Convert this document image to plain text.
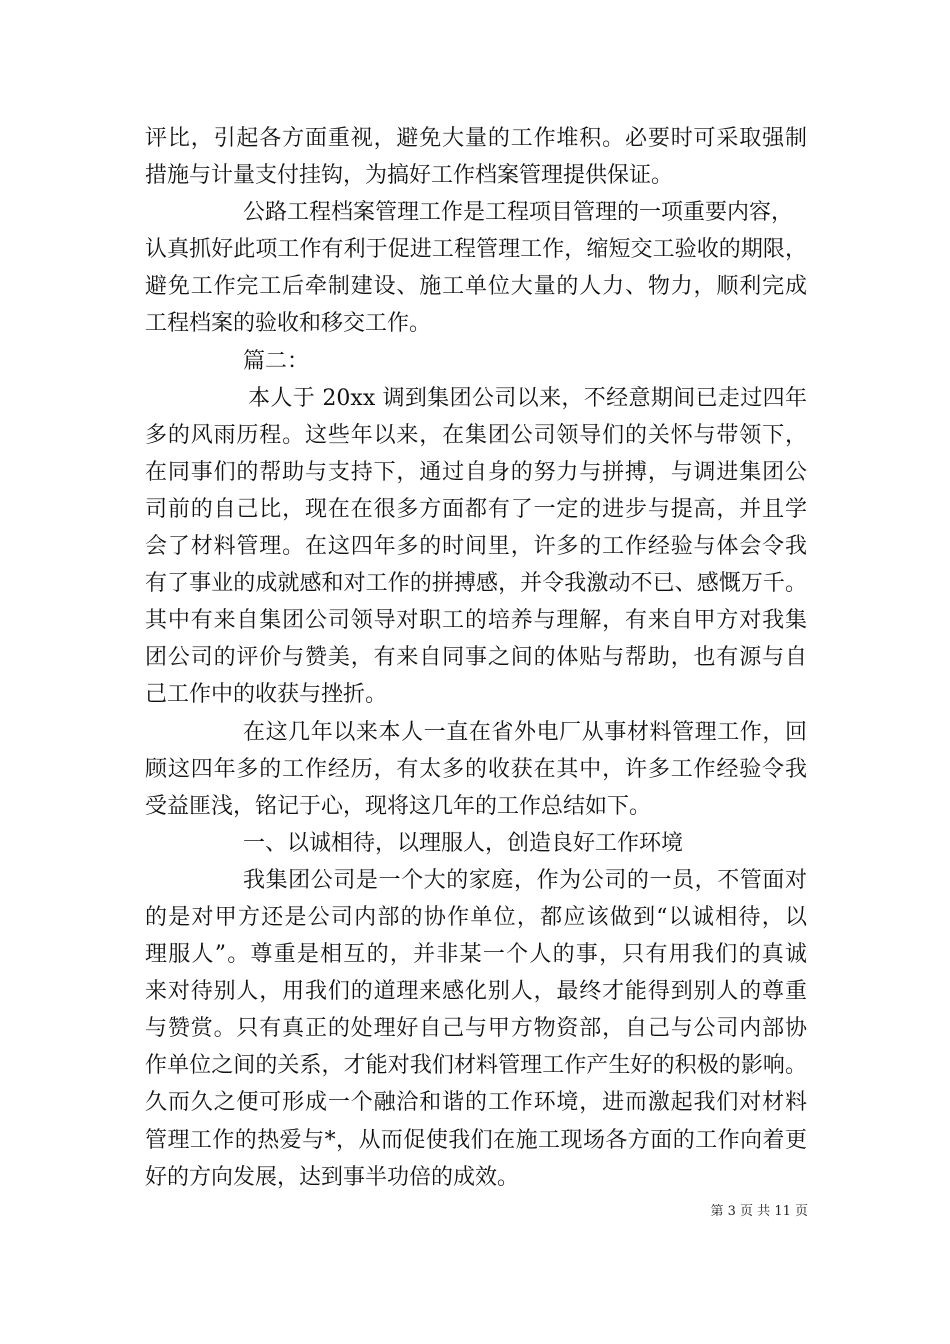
评比，引起各方面重视，避免大量的工作堆积。必要时可采取强制
措施与计量支付挂钩，为搞好工作档案管理提供保证。
公路工程档案管理工作是工程项目管理的一项重要内容，
认真抓好此项工作有利于促进工程管理工作，缩短交工验收的期限，
避免工作完工后牵制建设、施工单位大量的人力、物力，顺利完成
工程档案的验收和移交工作。
篇二：
本人于 20xx 调到集团公司以来，不经意期间已走过四年
多的风雨历程。这些年以来，在集团公司领导们的关怀与带领下，
在同事们的帮助与支持下，通过自身的努力与拼搏，与调进集团公
司前的自己比，现在在很多方面都有了一定的进步与提高，并且学
会了材料管理。在这四年多的时间里，许多的工作经验与体会令我
有了事业的成就感和对工作的拼搏感，并令我激动不已、感慨万千。
其中有来自集团公司领导对职工的培养与理解，有来自甲方对我集
团公司的评价与赞美，有来自同事之间的体贴与帮助，也有源与自
己工作中的收获与挫折。
在这几年以来本人一直在省外电厂从事材料管理工作，回
顾这四年多的工作经历，有太多的收获在其中，许多工作经验令我
受益匪浅，铭记于心，现将这几年的工作总结如下。
一、以诚相待，以理服人，创造良好工作环境
我集团公司是一个大的家庭，作为公司的一员，不管面对
的是对甲方还是公司内部的协作单位，都应该做到“以诚相待，以
理服人”。尊重是相互的，并非某一个人的事，只有用我们的真诚
来对待别人，用我们的道理来感化别人，最终才能得到别人的尊重
与赞赏。只有真正的处理好自己与甲方物资部，自己与公司内部协
作单位之间的关系，才能对我们材料管理工作产生好的积极的影响。
久而久之便可形成一个融洽和谐的工作环境，进而激起我们对材料
管理工作的热爱与*，从而促使我们在施工现场各方面的工作向着更
好的方向发展，达到事半功倍的成效。
第 3 页 共 11 页
